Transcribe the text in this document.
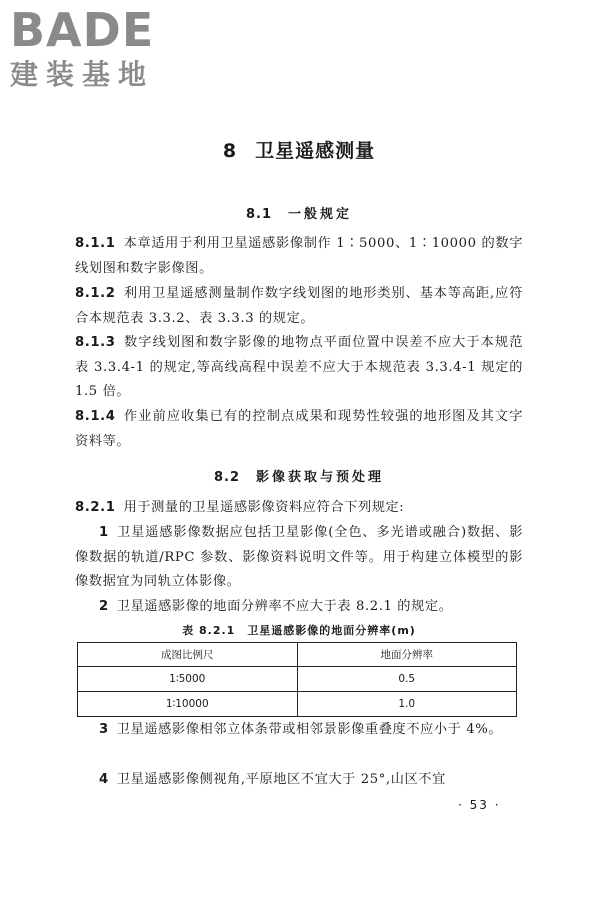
BADE
建装基地
8 卫星遥感测量
8.1 一般规定
8.1.1 本章适用于利用卫星遥感影像制作 1∶5000、1∶10000 的数字线划图和数字影像图。
8.1.2 利用卫星遥感测量制作数字线划图的地形类别、基本等高距,应符合本规范表 3.3.2、表 3.3.3 的规定。
8.1.3 数字线划图和数字影像的地物点平面位置中误差不应大于本规范表 3.3.4-1 的规定,等高线高程中误差不应大于本规范表 3.3.4-1 规定的 1.5 倍。
8.1.4 作业前应收集已有的控制点成果和现势性较强的地形图及其文字资料等。
8.2 影像获取与预处理
8.2.1 用于测量的卫星遥感影像资料应符合下列规定:
1 卫星遥感影像数据应包括卫星影像(全色、多光谱或融合)数据、影像数据的轨道/RPC 参数、影像资料说明文件等。用于构建立体模型的影像数据宜为同轨立体影像。
2 卫星遥感影像的地面分辨率不应大于表 8.2.1 的规定。
表 8.2.1 卫星遥感影像的地面分辨率(m)
成图比例尺	地面分辨率
1∶5000	0.5
1∶10000	1.0
3 卫星遥感影像相邻立体条带或相邻景影像重叠度不应小于 4%。
4 卫星遥感影像侧视角,平原地区不宜大于 25°,山区不宜
· 53 ·
